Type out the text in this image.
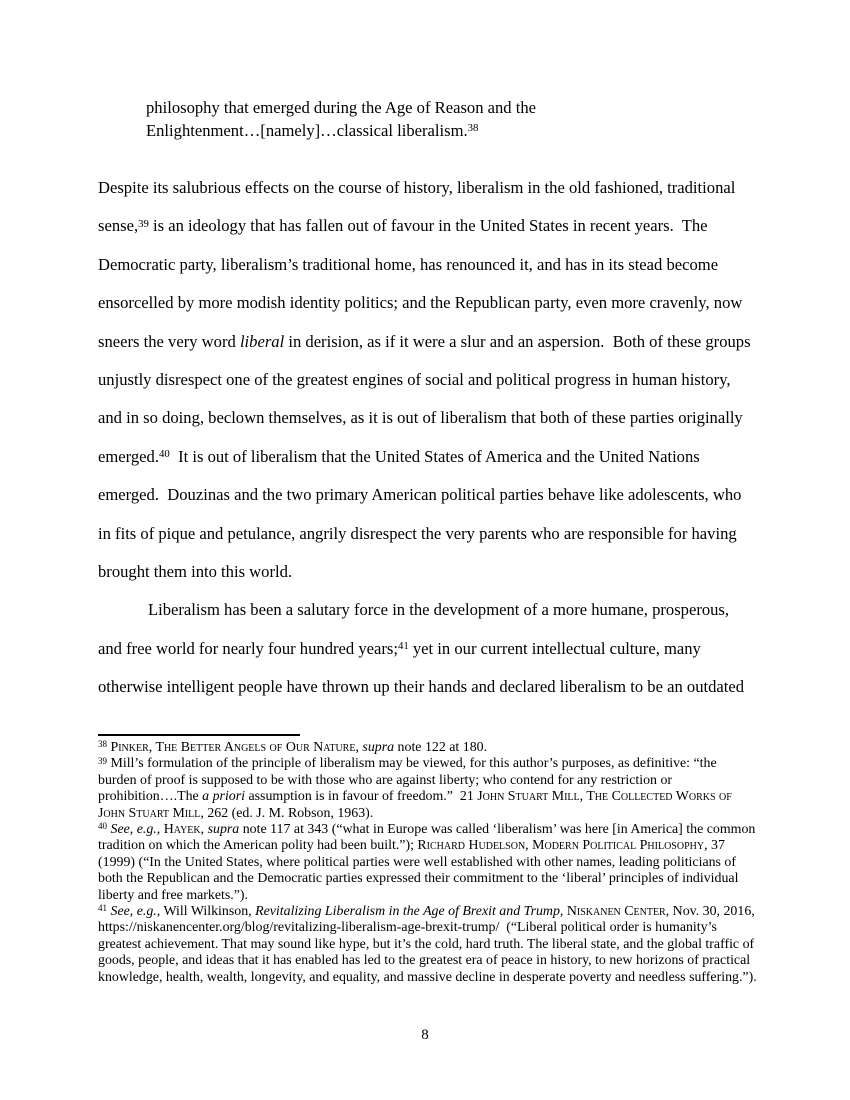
philosophy that emerged during the Age of Reason and the
Enlightenment…[namely]…classical liberalism.$^{38}$

Despite its salubrious effects on the course of history, liberalism in the old fashioned, traditional sense,$^{39}$ is an ideology that has fallen out of favour in the United States in recent years.  The Democratic party, liberalism’s traditional home, has renounced it, and has in its stead become ensorcelled by more modish identity politics; and the Republican party, even more cravenly, now sneers the very word liberal in derision, as if it were a slur and an aspersion.  Both of these groups unjustly disrespect one of the greatest engines of social and political progress in human history, and in so doing, beclown themselves, as it is out of liberalism that both of these parties originally emerged.$^{40}$  It is out of liberalism that the United States of America and the United Nations emerged.  Douzinas and the two primary American political parties behave like adolescents, who in fits of pique and petulance, angrily disrespect the very parents who are responsible for having brought them into this world.

Liberalism has been a salutary force in the development of a more humane, prosperous, and free world for nearly four hundred years;$^{41}$ yet in our current intellectual culture, many otherwise intelligent people have thrown up their hands and declared liberalism to be an outdated

$^{38}$ Pinker, The Better Angels of Our Nature, supra note 122 at 180.
$^{39}$ Mill’s formulation of the principle of liberalism may be viewed, for this author’s purposes, as definitive: “the burden of proof is supposed to be with those who are against liberty; who contend for any restriction or prohibition….The a priori assumption is in favour of freedom.”  21 John Stuart Mill, The Collected Works of John Stuart Mill, 262 (ed. J. M. Robson, 1963).
$^{40}$ See, e.g., Hayek, supra note 117 at 343 (“what in Europe was called ‘liberalism’ was here [in America] the common tradition on which the American polity had been built.”); Richard Hudelson, Modern Political Philosophy, 37 (1999) (“In the United States, where political parties were well established with other names, leading politicians of both the Republican and the Democratic parties expressed their commitment to the ‘liberal’ principles of individual liberty and free markets.”).
$^{41}$ See, e.g., Will Wilkinson, Revitalizing Liberalism in the Age of Brexit and Trump, Niskanen Center, Nov. 30, 2016, https://niskanencenter.org/blog/revitalizing-liberalism-age-brexit-trump/  (“Liberal political order is humanity’s greatest achievement. That may sound like hype, but it’s the cold, hard truth. The liberal state, and the global traffic of goods, people, and ideas that it has enabled has led to the greatest era of peace in history, to new horizons of practical knowledge, health, wealth, longevity, and equality, and massive decline in desperate poverty and needless suffering.”).
8
